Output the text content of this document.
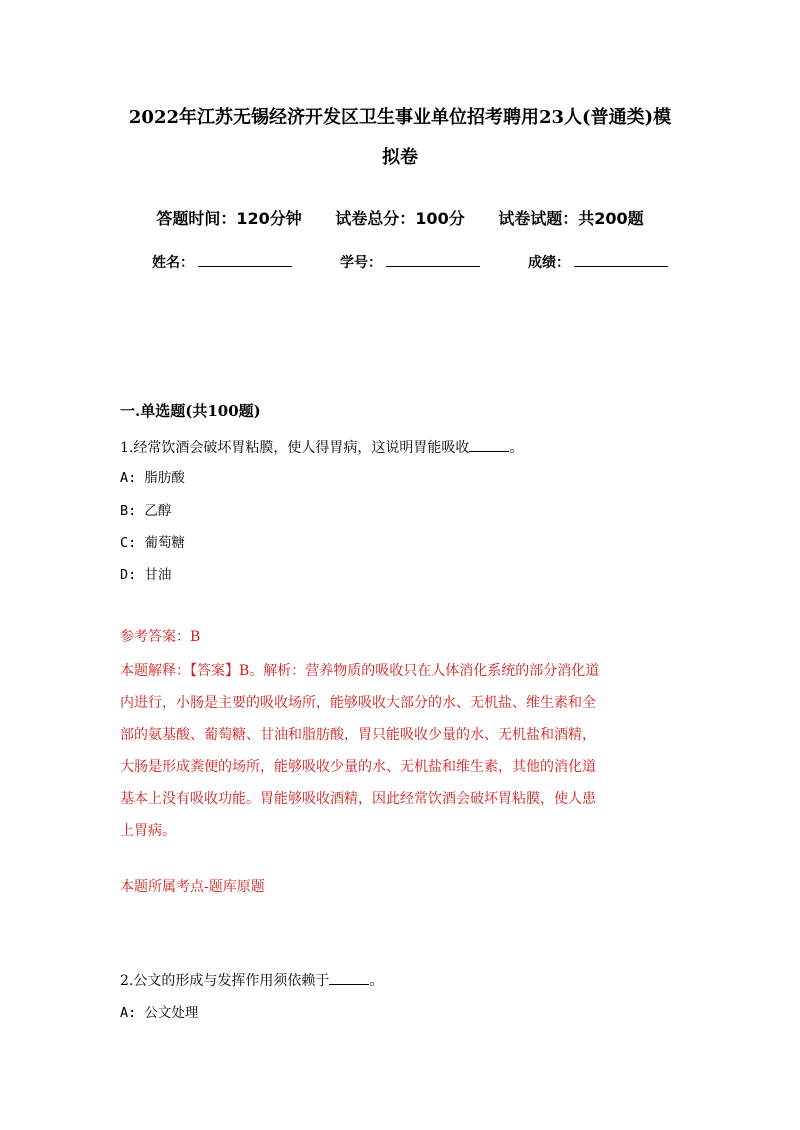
2022年江苏无锡经济开发区卫生事业单位招考聘用23人(普通类)模
拟卷
答题时间：120分钟 试卷总分：100分 试卷试题：共200题
姓名：	学号：	成绩：
一.单选题(共100题)
1.经常饮酒会破坏胃粘膜，使人得胃病，这说明胃能吸收	。
A: 脂肪酸
B: 乙醇
C: 葡萄糖
D: 甘油
参考答案：B
本题解释：【答案】B。解析：营养物质的吸收只在人体消化系统的部分消化道
内进行，小肠是主要的吸收场所，能够吸收大部分的水、无机盐、维生素和全
部的氨基酸、葡萄糖、甘油和脂肪酸，胃只能吸收少量的水、无机盐和酒精，
大肠是形成粪便的场所，能够吸收少量的水、无机盐和维生素，其他的消化道
基本上没有吸收功能。胃能够吸收酒精，因此经常饮酒会破坏胃粘膜，使人患
上胃病。
本题所属考点-题库原题
2.公文的形成与发挥作用须依赖于	。
A: 公文处理
